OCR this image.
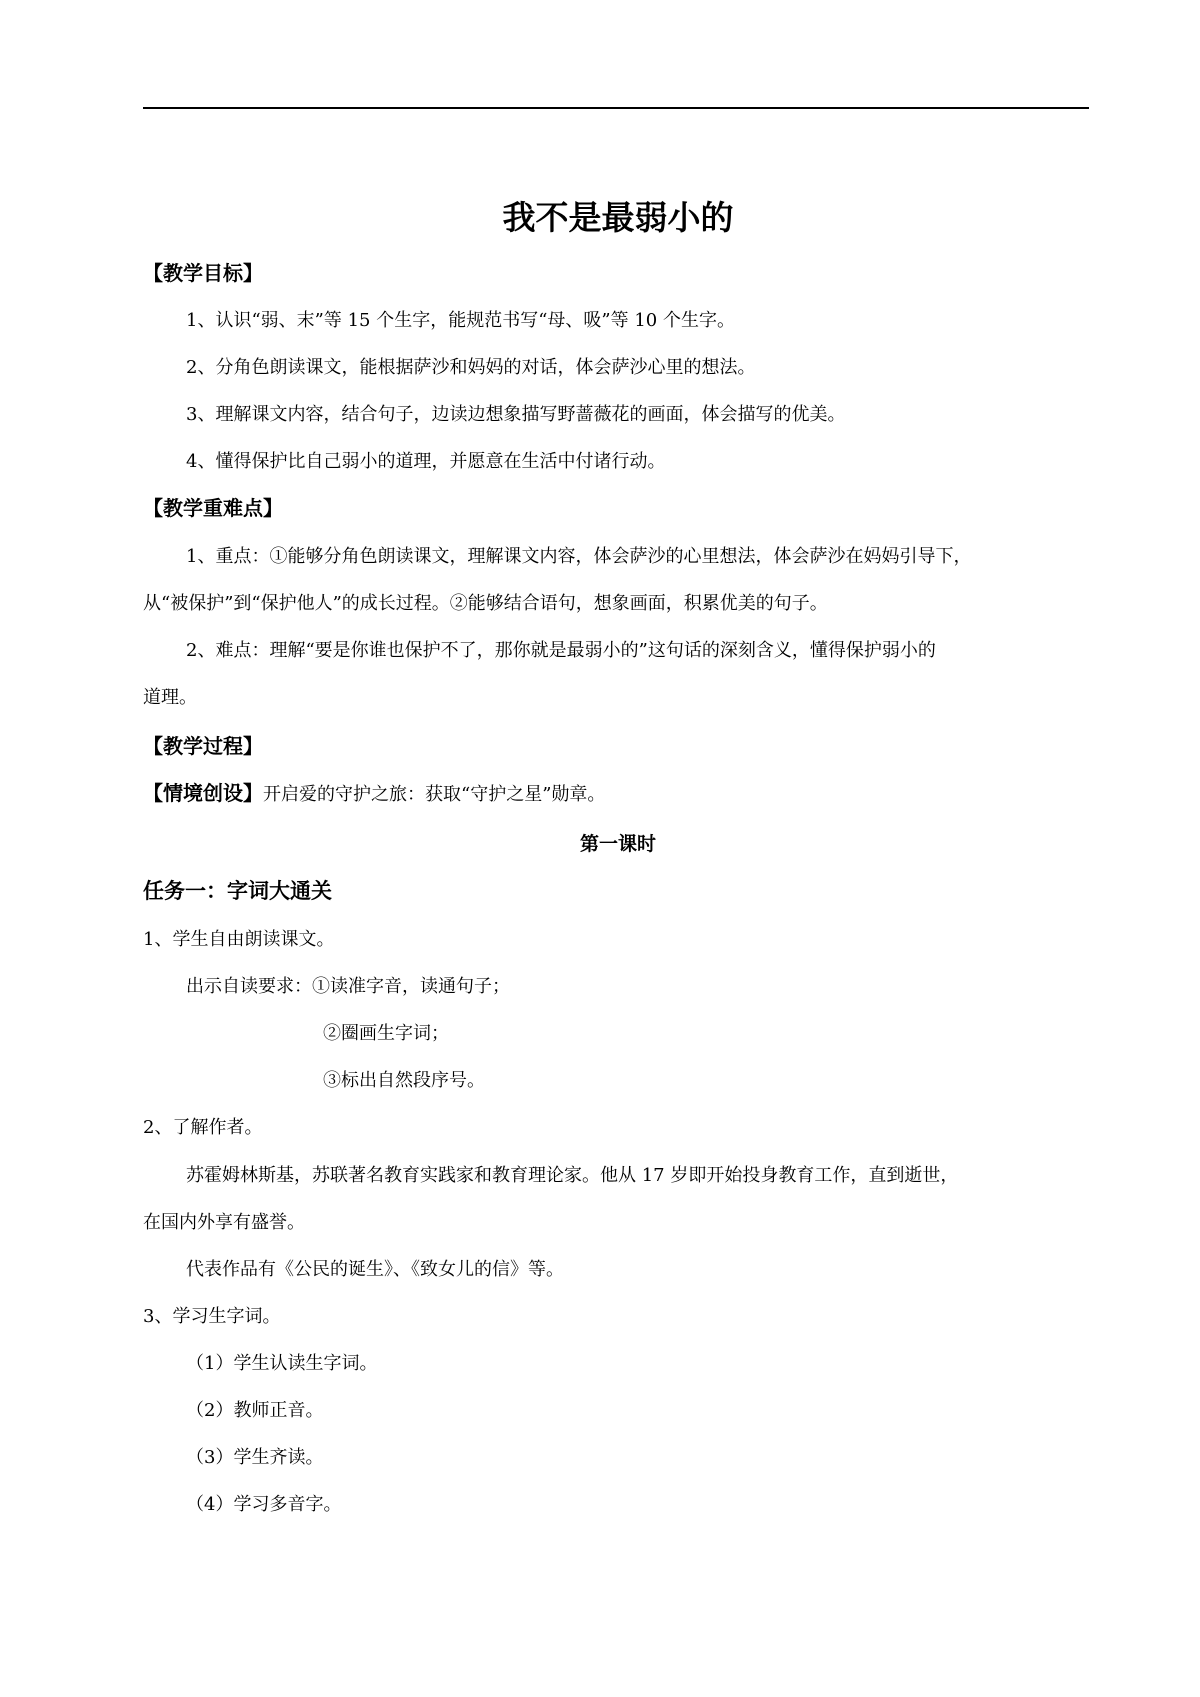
我不是最弱小的
【教学目标】
1、认识“弱、末”等 15 个生字，能规范书写“母、吸”等 10 个生字。
2、分角色朗读课文，能根据萨沙和妈妈的对话，体会萨沙心里的想法。
3、理解课文内容，结合句子，边读边想象描写野蔷薇花的画面，体会描写的优美。
4、懂得保护比自己弱小的道理，并愿意在生活中付诸行动。
【教学重难点】
1、重点：①能够分角色朗读课文，理解课文内容，体会萨沙的心里想法，体会萨沙在妈妈引导下，
从“被保护”到“保护他人”的成长过程。②能够结合语句，想象画面，积累优美的句子。
2、难点：理解“要是你谁也保护不了，那你就是最弱小的”这句话的深刻含义，懂得保护弱小的
道理。
【教学过程】
【情境创设】开启爱的守护之旅：获取“守护之星”勋章。
第一课时
任务一：字词大通关
1、学生自由朗读课文。
出示自读要求：①读准字音，读通句子；
②圈画生字词；
③标出自然段序号。
2、了解作者。
苏霍姆林斯基，苏联著名教育实践家和教育理论家。他从 17 岁即开始投身教育工作，直到逝世，
在国内外享有盛誉。
代表作品有《公民的诞生》、《致女儿的信》等。
3、学习生字词。
（1）学生认读生字词。
（2）教师正音。
（3）学生齐读。
（4）学习多音字。
